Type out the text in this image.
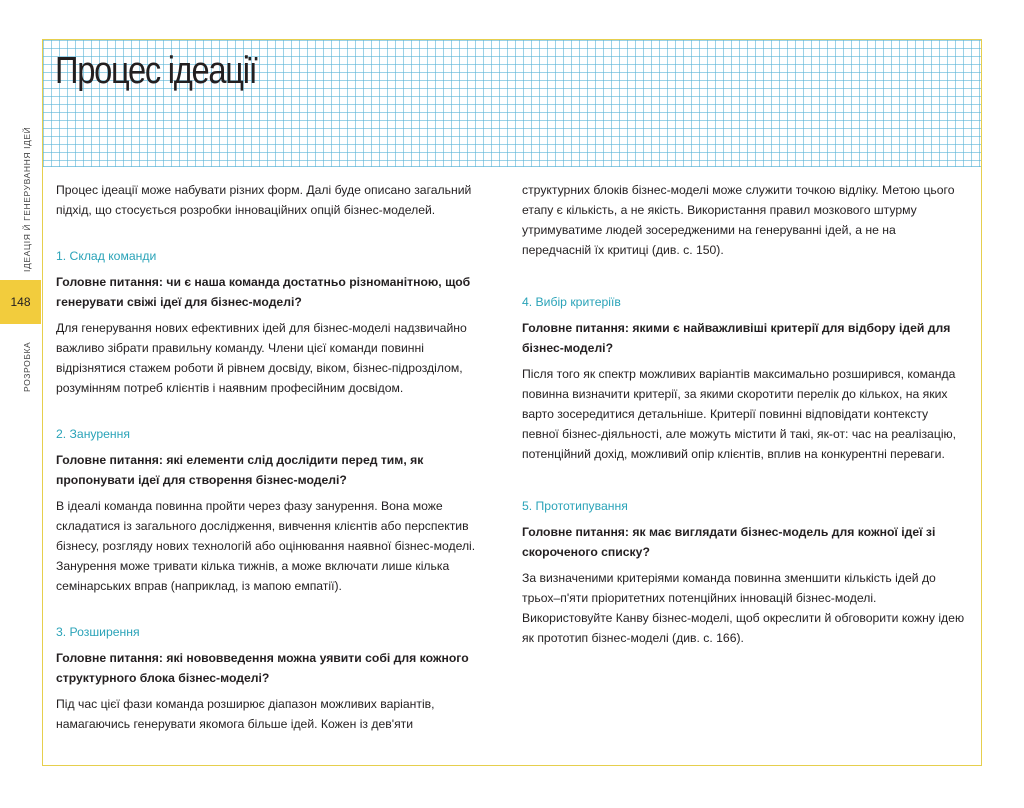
ІДЕАЦІЯ Й ГЕНЕРУВАННЯ ІДЕЙ
148
РОЗРОБКА
Процес ідеації

Процес ідеації може набувати різних форм. Далі буде описано загальний підхід, що стосується розробки інноваційних опцій бізнес-моделей.

1. Склад команди

Головне питання: чи є наша команда достатньо різноманітною, щоб генерувати свіжі ідеї для бізнес-моделі?

Для генерування нових ефективних ідей для бізнес-моделі надзвичайно важливо зібрати правильну команду. Члени цієї команди повинні відрізнятися стажем роботи й рівнем досвіду, віком, бізнес-підрозділом, розумінням потреб клієнтів і наявним професійним досвідом.

2. Занурення

Головне питання: які елементи слід дослідити перед тим, як пропонувати ідеї для створення бізнес-моделі?

В ідеалі команда повинна пройти через фазу занурення. Вона може складатися із загального дослідження, вивчення клієнтів або перспектив бізнесу, розгляду нових технологій або оцінювання наявної бізнес-моделі. Занурення може тривати кілька тижнів, а може включати лише кілька семінарських вправ (наприклад, із мапою емпатії).

3. Розширення

Головне питання: які нововведення можна уявити собі для кожного структурного блока бізнес-моделі?

Під час цієї фази команда розширює діапазон можливих варіантів, намагаючись генерувати якомога більше ідей. Кожен із дев'яти

структурних блоків бізнес-моделі може служити точкою відліку. Метою цього етапу є кількість, а не якість. Використання правил мозкового штурму утримуватиме людей зосередженими на генеруванні ідей, а не на передчасній їх критиці (див. с. 150).

4. Вибір критеріїв

Головне питання: якими є найважливіші критерії для відбору ідей для бізнес-моделі?

Після того як спектр можливих варіантів максимально розширився, команда повинна визначити критерії, за якими скоротити перелік до кількох, на яких варто зосередитися детальніше. Критерії повинні відповідати контексту певної бізнес-діяльності, але можуть містити й такі, як-от: час на реалізацію, потенційний дохід, можливий опір клієнтів, вплив на конкурентні переваги.

5. Прототипування

Головне питання: як має виглядати бізнес-модель для кожної ідеї зі скороченого списку?

За визначеними критеріями команда повинна зменшити кількість ідей до трьох–п'яти пріоритетних потенційних інновацій бізнес-моделі. Використовуйте Канву бізнес-моделі, щоб окреслити й обговорити кожну ідею як прототип бізнес-моделі (див. с. 166).
